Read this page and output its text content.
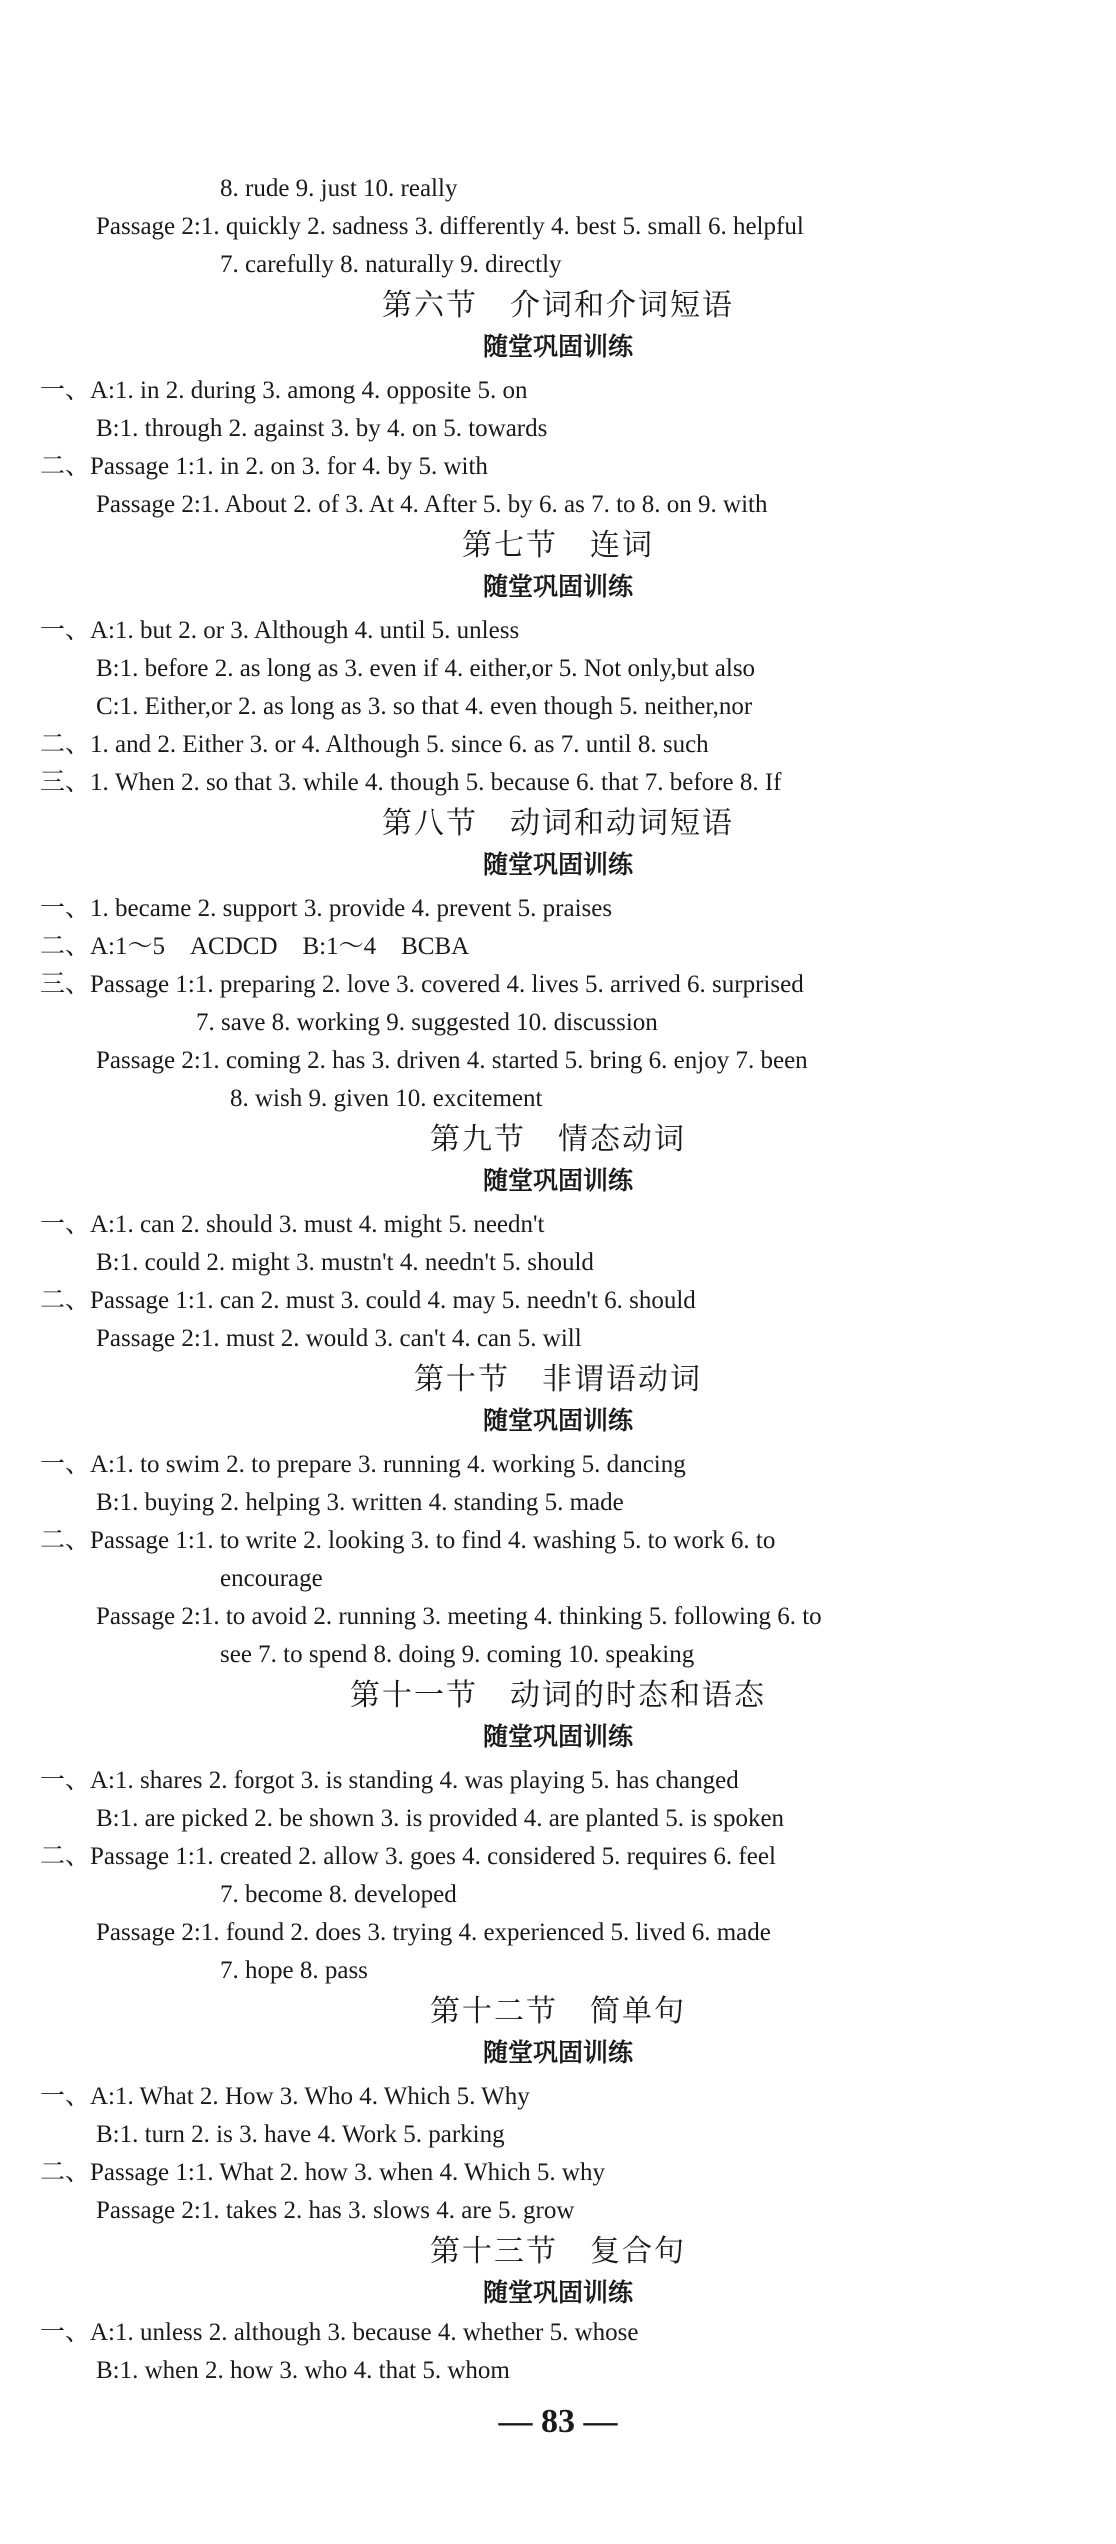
8. rude 9. just 10. really
Passage 2:1. quickly 2. sadness 3. differently 4. best 5. small 6. helpful
7. carefully 8. naturally 9. directly
第六节　介词和介词短语
随堂巩固训练
一、A:1. in 2. during 3. among 4. opposite 5. on
B:1. through 2. against 3. by 4. on 5. towards
二、Passage 1:1. in 2. on 3. for 4. by 5. with
Passage 2:1. About 2. of 3. At 4. After 5. by 6. as 7. to 8. on 9. with
第七节　连词
随堂巩固训练
一、A:1. but 2. or 3. Although 4. until 5. unless
B:1. before 2. as long as 3. even if 4. either,or 5. Not only,but also
C:1. Either,or 2. as long as 3. so that 4. even though 5. neither,nor
二、1. and 2. Either 3. or 4. Although 5. since 6. as 7. until 8. such
三、1. When 2. so that 3. while 4. though 5. because 6. that 7. before 8. If
第八节　动词和动词短语
随堂巩固训练
一、1. became 2. support 3. provide 4. prevent 5. praises
二、A:1～5　ACDCD　B:1～4　BCBA
三、Passage 1:1. preparing 2. love 3. covered 4. lives 5. arrived 6. surprised
7. save 8. working 9. suggested 10. discussion
Passage 2:1. coming 2. has 3. driven 4. started 5. bring 6. enjoy 7. been
8. wish 9. given 10. excitement
第九节　情态动词
随堂巩固训练
一、A:1. can 2. should 3. must 4. might 5. needn't
B:1. could 2. might 3. mustn't 4. needn't 5. should
二、Passage 1:1. can 2. must 3. could 4. may 5. needn't 6. should
Passage 2:1. must 2. would 3. can't 4. can 5. will
第十节　非谓语动词
随堂巩固训练
一、A:1. to swim 2. to prepare 3. running 4. working 5. dancing
B:1. buying 2. helping 3. written 4. standing 5. made
二、Passage 1:1. to write 2. looking 3. to find 4. washing 5. to work 6. to
encourage
Passage 2:1. to avoid 2. running 3. meeting 4. thinking 5. following 6. to
see 7. to spend 8. doing 9. coming 10. speaking
第十一节　动词的时态和语态
随堂巩固训练
一、A:1. shares 2. forgot 3. is standing 4. was playing 5. has changed
B:1. are picked 2. be shown 3. is provided 4. are planted 5. is spoken
二、Passage 1:1. created 2. allow 3. goes 4. considered 5. requires 6. feel
7. become 8. developed
Passage 2:1. found 2. does 3. trying 4. experienced 5. lived 6. made
7. hope 8. pass
第十二节　简单句
随堂巩固训练
一、A:1. What 2. How 3. Who 4. Which 5. Why
B:1. turn 2. is 3. have 4. Work 5. parking
二、Passage 1:1. What 2. how 3. when 4. Which 5. why
Passage 2:1. takes 2. has 3. slows 4. are 5. grow
第十三节　复合句
随堂巩固训练
一、A:1. unless 2. although 3. because 4. whether 5. whose
B:1. when 2. how 3. who 4. that 5. whom
— 83 —
